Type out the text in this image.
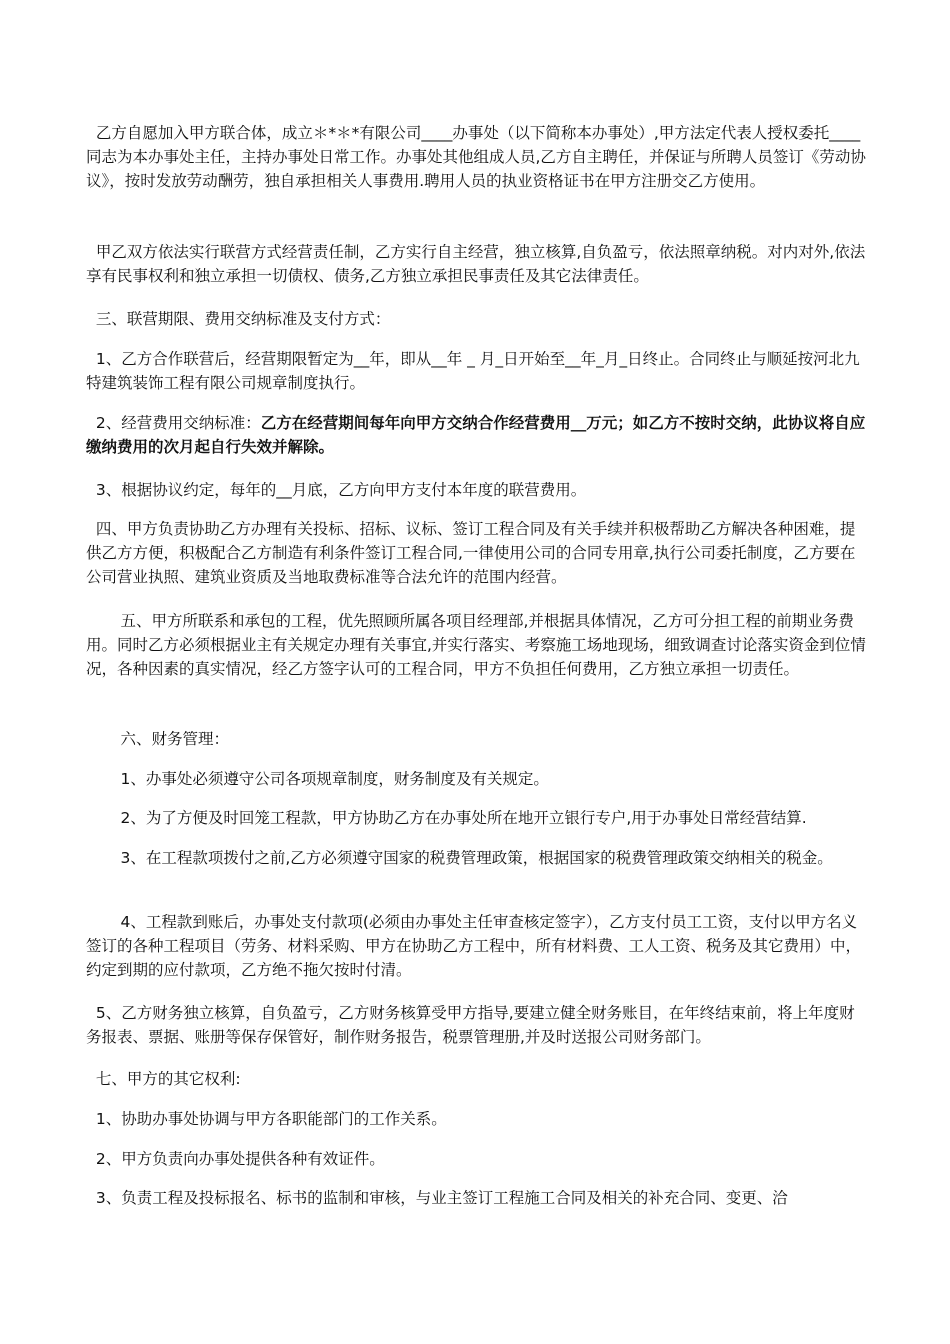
乙方自愿加入甲方联合体，成立＊*＊*有限公司____办事处（以下简称本办事处）,甲方法定代表人授权委托____同志为本办事处主任，主持办事处日常工作。办事处其他组成人员,乙方自主聘任，并保证与所聘人员签订《劳动协议》，按时发放劳动酬劳，独自承担相关人事费用.聘用人员的执业资格证书在甲方注册交乙方使用。

甲乙双方依法实行联营方式经营责任制，乙方实行自主经营，独立核算,自负盈亏，依法照章纳税。对内对外,依法享有民事权利和独立承担一切债权、债务,乙方独立承担民事责任及其它法律责任。

三、联营期限、费用交纳标准及支付方式：

1、乙方合作联营后，经营期限暂定为__年，即从__年 _ 月_日开始至__年_月_日终止。合同终止与顺延按河北九特建筑装饰工程有限公司规章制度执行。

2、经营费用交纳标准：乙方在经营期间每年向甲方交纳合作经营费用__万元；如乙方不按时交纳，此协议将自应缴纳费用的次月起自行失效并解除。

3、根据协议约定，每年的__月底，乙方向甲方支付本年度的联营费用。

四、甲方负责协助乙方办理有关投标、招标、议标、签订工程合同及有关手续并积极帮助乙方解决各种困难，提供乙方方便，积极配合乙方制造有利条件签订工程合同,一律使用公司的合同专用章,执行公司委托制度，乙方要在公司营业执照、建筑业资质及当地取费标准等合法允许的范围内经营。

五、甲方所联系和承包的工程，优先照顾所属各项目经理部,并根据具体情况，乙方可分担工程的前期业务费用。同时乙方必须根据业主有关规定办理有关事宜,并实行落实、考察施工场地现场，细致调查讨论落实资金到位情况，各种因素的真实情况，经乙方签字认可的工程合同，甲方不负担任何费用，乙方独立承担一切责任。

六、财务管理：

1、办事处必须遵守公司各项规章制度，财务制度及有关规定。

2、为了方便及时回笼工程款，甲方协助乙方在办事处所在地开立银行专户,用于办事处日常经营结算.

3、在工程款项拨付之前,乙方必须遵守国家的税费管理政策，根据国家的税费管理政策交纳相关的税金。

4、工程款到账后，办事处支付款项(必须由办事处主任审查核定签字），乙方支付员工工资，支付以甲方名义签订的各种工程项目（劳务、材料采购、甲方在协助乙方工程中，所有材料费、工人工资、税务及其它费用）中，约定到期的应付款项，乙方绝不拖欠按时付清。

5、乙方财务独立核算，自负盈亏，乙方财务核算受甲方指导,要建立健全财务账目，在年终结束前，将上年度财务报表、票据、账册等保存保管好，制作财务报告，税票管理册,并及时送报公司财务部门。

七、甲方的其它权利:

1、协助办事处协调与甲方各职能部门的工作关系。

2、甲方负责向办事处提供各种有效证件。

3、负责工程及投标报名、标书的监制和审核，与业主签订工程施工合同及相关的补充合同、变更、洽
